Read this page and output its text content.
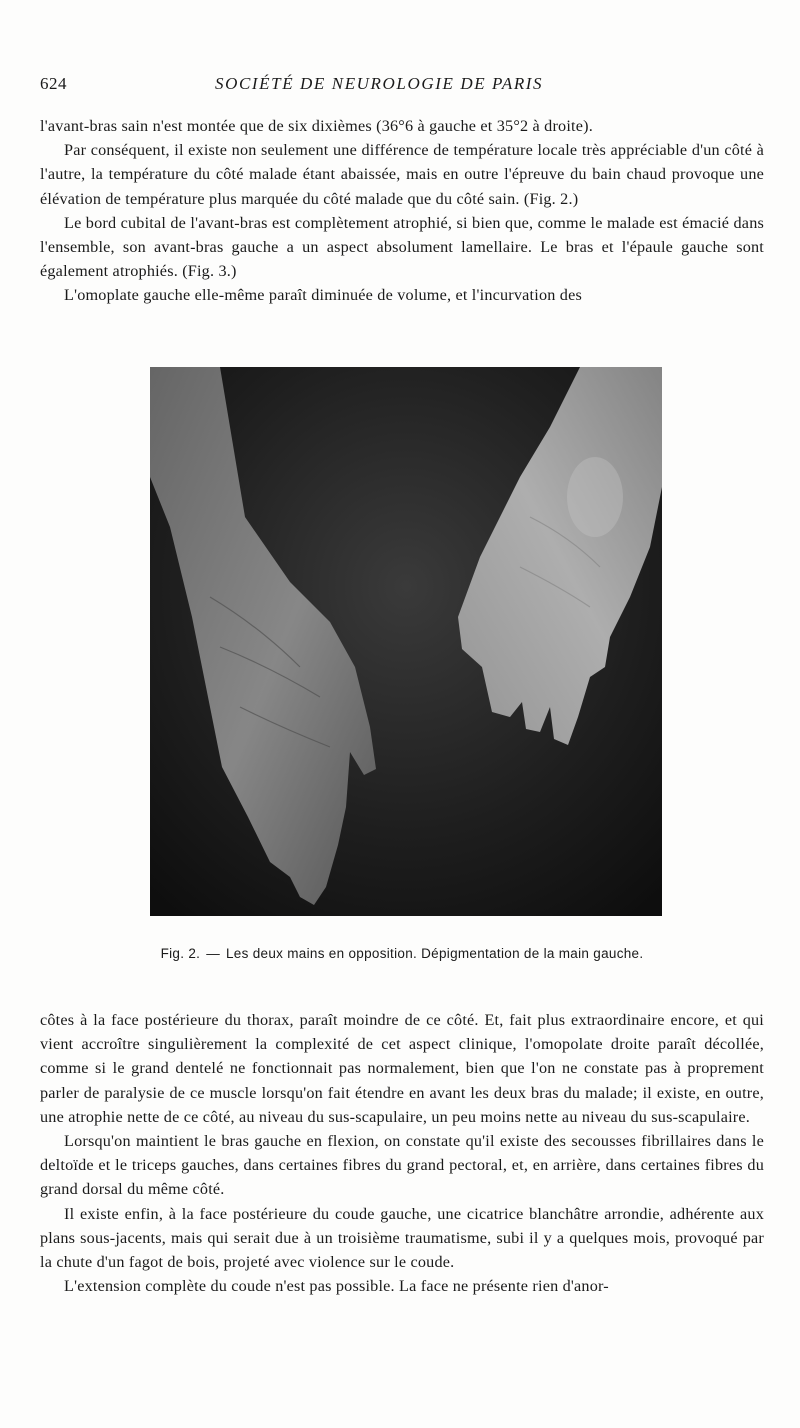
624	SOCIÉTÉ DE NEUROLOGIE DE PARIS

l'avant-bras sain n'est montée que de six dixièmes (36°6 à gauche et 35°2 à droite).

Par conséquent, il existe non seulement une différence de température locale très appréciable d'un côté à l'autre, la température du côté malade étant abaissée, mais en outre l'épreuve du bain chaud provoque une élévation de température plus marquée du côté malade que du côté sain. (Fig. 2.)

Le bord cubital de l'avant-bras est complètement atrophié, si bien que, comme le malade est émacié dans l'ensemble, son avant-bras gauche a un aspect absolument lamellaire. Le bras et l'épaule gauche sont également atrophiés. (Fig. 3.)

L'omoplate gauche elle-même paraît diminuée de volume, et l'incurvation des

Fig. 2. — Les deux mains en opposition. Dépigmentation de la main gauche.

côtes à la face postérieure du thorax, paraît moindre de ce côté. Et, fait plus extraordinaire encore, et qui vient accroître singulièrement la complexité de cet aspect clinique, l'omopolate droite paraît décollée, comme si le grand dentelé ne fonctionnait pas normalement, bien que l'on ne constate pas à proprement parler de paralysie de ce muscle lorsqu'on fait étendre en avant les deux bras du malade; il existe, en outre, une atrophie nette de ce côté, au niveau du sus-scapulaire, un peu moins nette au niveau du sus-scapulaire.

Lorsqu'on maintient le bras gauche en flexion, on constate qu'il existe des secousses fibrillaires dans le deltoïde et le triceps gauches, dans certaines fibres du grand pectoral, et, en arrière, dans certaines fibres du grand dorsal du même côté.

Il existe enfin, à la face postérieure du coude gauche, une cicatrice blanchâtre arrondie, adhérente aux plans sous-jacents, mais qui serait due à un troisième traumatisme, subi il y a quelques mois, provoqué par la chute d'un fagot de bois, projeté avec violence sur le coude.

L'extension complète du coude n'est pas possible. La face ne présente rien d'anor-
